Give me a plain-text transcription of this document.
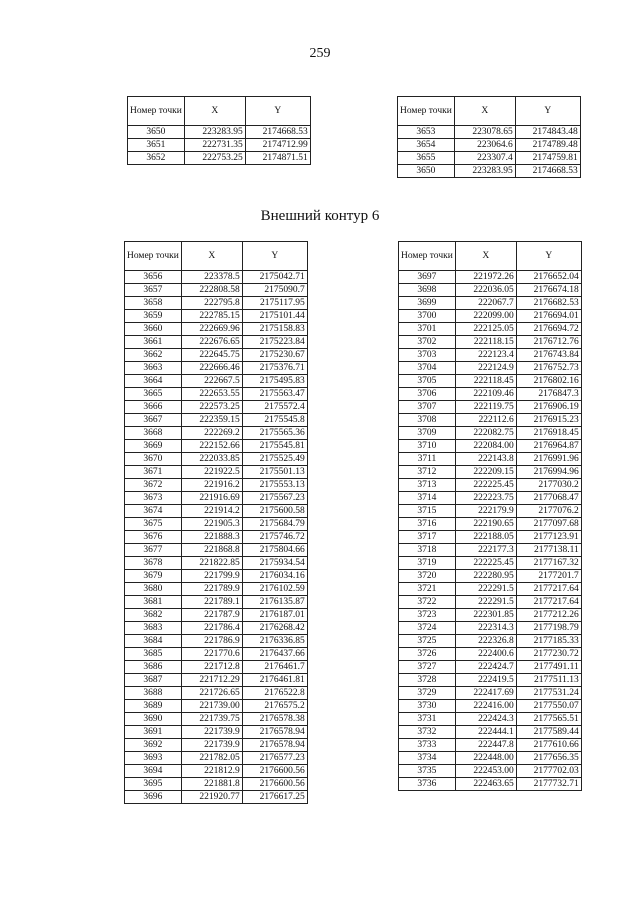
259
Внешний контур 6
Номер точки	X	Y
3650	223283.95	2174668.53
3651	222731.35	2174712.99
3652	222753.25	2174871.51
Номер точки	X	Y
3653	223078.65	2174843.48
3654	223064.6	2174789.48
3655	223307.4	2174759.81
3650	223283.95	2174668.53
Номер точки	X	Y
3656	223378.5	2175042.71
3657	222808.58	2175090.7
3658	222795.8	2175117.95
3659	222785.15	2175101.44
3660	222669.96	2175158.83
3661	222676.65	2175223.84
3662	222645.75	2175230.67
3663	222666.46	2175376.71
3664	222667.5	2175495.83
3665	222653.55	2175563.47
3666	222573.25	2175572.4
3667	222359.15	2175545.8
3668	222269.2	2175565.36
3669	222152.66	2175545.81
3670	222033.85	2175525.49
3671	221922.5	2175501.13
3672	221916.2	2175553.13
3673	221916.69	2175567.23
3674	221914.2	2175600.58
3675	221905.3	2175684.79
3676	221888.3	2175746.72
3677	221868.8	2175804.66
3678	221822.85	2175934.54
3679	221799.9	2176034.16
3680	221789.9	2176102.59
3681	221789.1	2176135.87
3682	221787.9	2176187.01
3683	221786.4	2176268.42
3684	221786.9	2176336.85
3685	221770.6	2176437.66
3686	221712.8	2176461.7
3687	221712.29	2176461.81
3688	221726.65	2176522.8
3689	221739.00	2176575.2
3690	221739.75	2176578.38
3691	221739.9	2176578.94
3692	221739.9	2176578.94
3693	221782.05	2176577.23
3694	221812.9	2176600.56
3695	221881.8	2176600.56
3696	221920.77	2176617.25
Номер точки	X	Y
3697	221972.26	2176652.04
3698	222036.05	2176674.18
3699	222067.7	2176682.53
3700	222099.00	2176694.01
3701	222125.05	2176694.72
3702	222118.15	2176712.76
3703	222123.4	2176743.84
3704	222124.9	2176752.73
3705	222118.45	2176802.16
3706	222109.46	2176847.3
3707	222119.75	2176906.19
3708	222112.6	2176915.23
3709	222082.75	2176918.45
3710	222084.00	2176964.87
3711	222143.8	2176991.96
3712	222209.15	2176994.96
3713	222225.45	2177030.2
3714	222223.75	2177068.47
3715	222179.9	2177076.2
3716	222190.65	2177097.68
3717	222188.05	2177123.91
3718	222177.3	2177138.11
3719	222225.45	2177167.32
3720	222280.95	2177201.7
3721	222291.5	2177217.64
3722	222291.5	2177217.64
3723	222301.85	2177212.26
3724	222314.3	2177198.79
3725	222326.8	2177185.33
3726	222400.6	2177230.72
3727	222424.7	2177491.11
3728	222419.5	2177511.13
3729	222417.69	2177531.24
3730	222416.00	2177550.07
3731	222424.3	2177565.51
3732	222444.1	2177589.44
3733	222447.8	2177610.66
3734	222448.00	2177656.35
3735	222453.00	2177702.03
3736	222463.65	2177732.71
